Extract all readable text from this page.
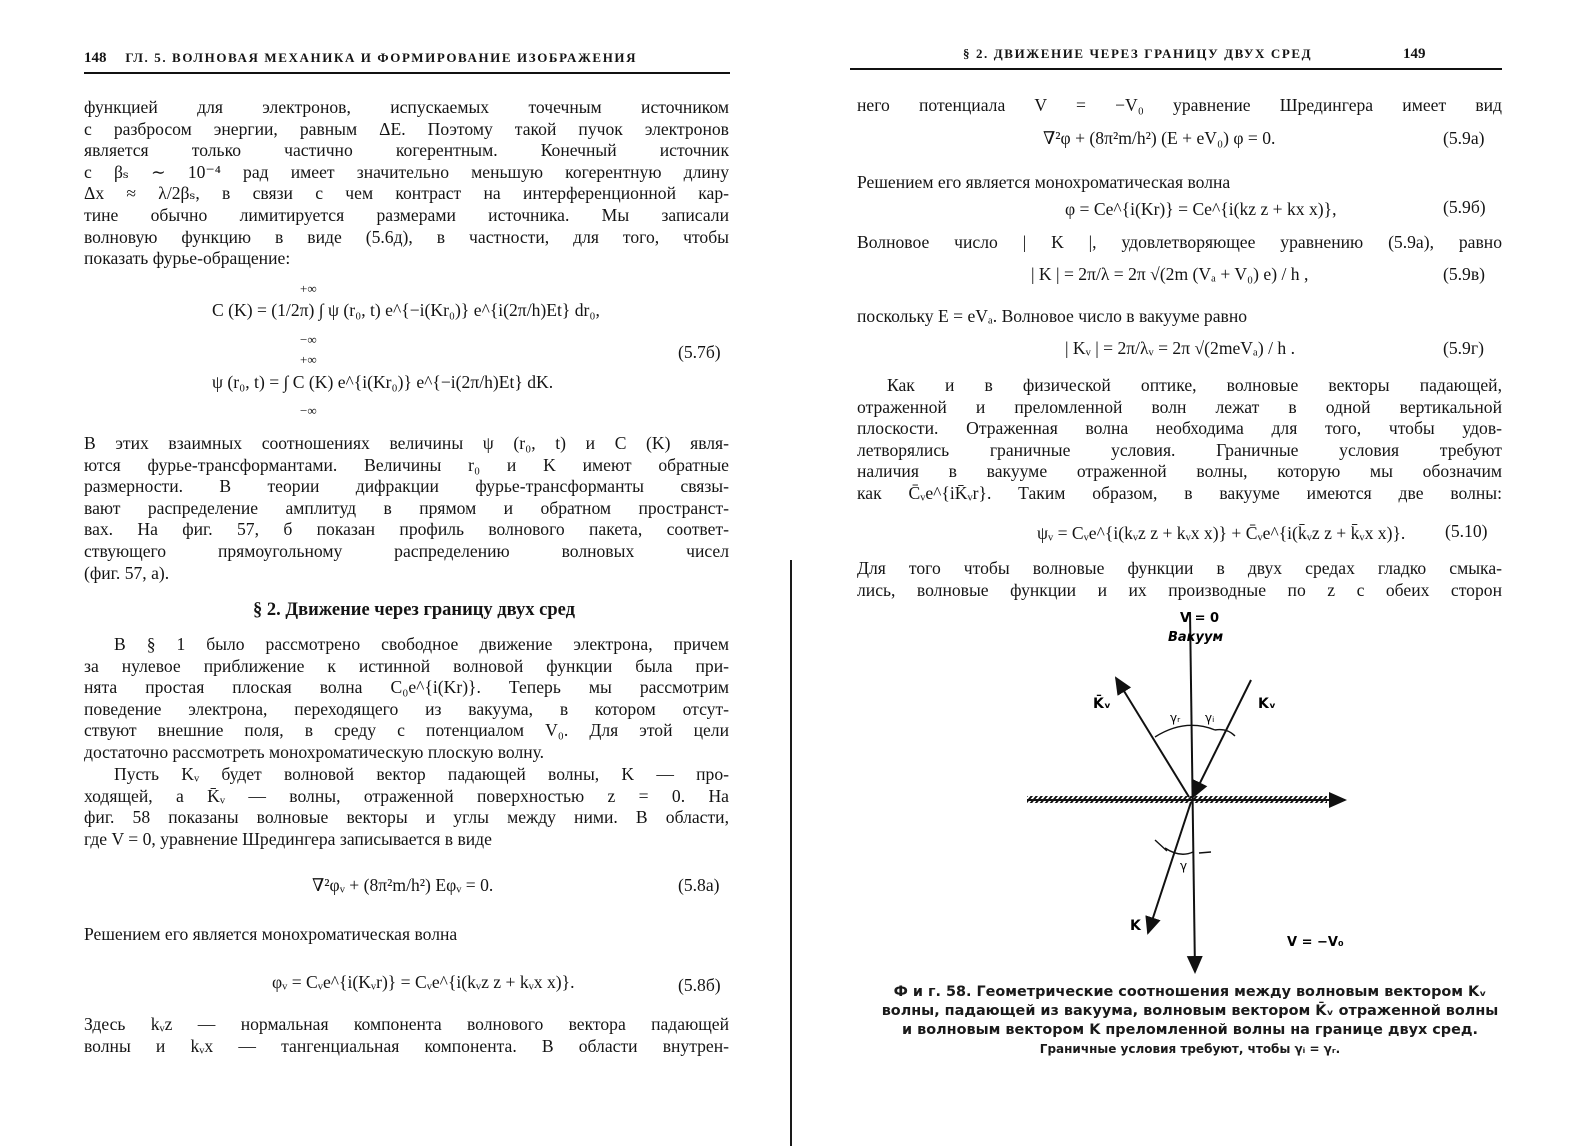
148 ГЛ. 5. ВОЛНОВАЯ МЕХАНИКА И ФОРМИРОВАНИЕ ИЗОБРАЖЕНИЯ
функцией для электронов, испускаемых точечным источником
с разбросом энергии, равным ΔE. Поэтому такой пучок электронов
является только частично когерентным. Конечный источник
с βₛ ∼ 10⁻⁴ рад имеет значительно меньшую когерентную длину
Δx ≈ λ/2βₛ, в связи с чем контраст на интерференционной кар-
тине обычно лимитируется размерами источника. Мы записали
волновую функцию в виде (5.6д), в частности, для того, чтобы
показать фурье-обращение:
+∞
C (K) = (1/2π) ∫ ψ (r₀, t) e^{−i(Kr₀)} e^{i(2π/h)Et} dr₀,
−∞
(5.7б)
+∞
ψ (r₀, t) = ∫ C (K) e^{i(Kr₀)} e^{−i(2π/h)Et} dK.
−∞
В этих взаимных соотношениях величины ψ (r₀, t) и C (K) явля-
ются фурье-трансформантами. Величины r₀ и K имеют обратные
размерности. В теории дифракции фурье-трансформанты связы-
вают распределение амплитуд в прямом и обратном пространст-
вах. На фиг. 57, б показан профиль волнового пакета, соответ-
ствующего прямоугольному распределению волновых чисел
(фиг. 57, а).
§ 2. Движение через границу двух сред
В § 1 было рассмотрено свободное движение электрона, причем
за нулевое приближение к истинной волновой функции была при-
нята простая плоская волна C₀e^{i(Kr)}. Теперь мы рассмотрим
поведение электрона, переходящего из вакуума, в котором отсут-
ствуют внешние поля, в среду с потенциалом V₀. Для этой цели
достаточно рассмотреть монохроматическую плоскую волну.
Пусть Kᵥ будет волновой вектор падающей волны, K — про-
ходящей, а K̄ᵥ — волны, отраженной поверхностью z = 0. На
фиг. 58 показаны волновые векторы и углы между ними. В области,
где V = 0, уравнение Шредингера записывается в виде
∇²φᵥ + (8π²m/h²) Eφᵥ = 0.	(5.8а)
Решением его является монохроматическая волна
φᵥ = Cᵥe^{i(Kᵥr)} = Cᵥe^{i(kᵥz z + kᵥx x)}.	(5.8б)
Здесь kᵥz — нормальная компонента волнового вектора падающей
волны и kᵥx — тангенциальная компонента. В области внутрен-
§ 2. ДВИЖЕНИЕ ЧЕРЕЗ ГРАНИЦУ ДВУХ СРЕД	149
него потенциала V = −V₀ уравнение Шредингера имеет вид
∇²φ + (8π²m/h²) (E + eV₀) φ = 0.	(5.9а)
Решением его является монохроматическая волна
φ = Ce^{i(Kr)} = Ce^{i(kz z + kx x)},	(5.9б)
Волновое число | K |, удовлетворяющее уравнению (5.9а), равно
| K | = 2π/λ = 2π √(2m (Vₐ + V₀) e) / h ,	(5.9в)
поскольку E = eVₐ. Волновое число в вакууме равно
| Kᵥ | = 2π/λᵥ = 2π √(2meVₐ) / h .	(5.9г)
Как и в физической оптике, волновые векторы падающей,
отраженной и преломленной волн лежат в одной вертикальной
плоскости. Отраженная волна необходима для того, чтобы удов-
летворялись граничные условия. Граничные условия требуют
наличия в вакууме отраженной волны, которую мы обозначим
как C̄ᵥe^{iK̄ᵥr}. Таким образом, в вакууме имеются две волны:
ψᵥ = Cᵥe^{i(kᵥz z + kᵥx x)} + C̄ᵥe^{i(k̄ᵥz z + k̄ᵥx x)}. (5.10)
Для того чтобы волновые функции в двух средах гладко смыка-
лись, волновые функции и их производные по z с обеих сторон
V = 0
Вакуум
K̄ᵥ	Kᵥ
γᵣ γᵢ
γ
K
V = −V₀
Ф и г. 58. Геометрические соотношения между волновым вектором Kᵥ
волны, падающей из вакуума, волновым вектором K̄ᵥ отраженной волны
и волновым вектором K преломленной волны на границе двух сред.
Граничные условия требуют, чтобы γᵢ = γᵣ.
